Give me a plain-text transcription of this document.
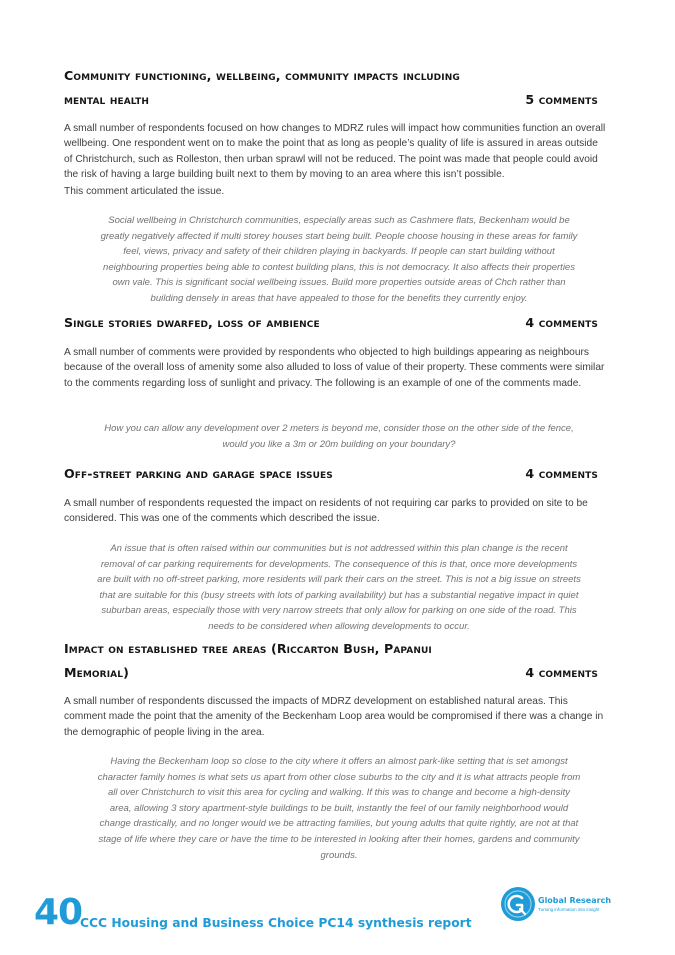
Community functioning, wellbeing, community impacts including
mental health	5 comments

A small number of respondents focused on how changes to MDRZ rules will impact how communities function an overall wellbeing. One respondent went on to make the point that as long as people’s quality of life is assured in areas outside of Christchurch, such as Rolleston, then urban sprawl will not be reduced. The point was made that people could avoid the risk of having a large building built next to them by moving to an area where this isn’t possible.

This comment articulated the issue.

Social wellbeing in Christchurch communities, especially areas such as Cashmere flats, Beckenham would be greatly negatively affected if multi storey houses start being built. People choose housing in these areas for family feel, views, privacy and safety of their children playing in backyards. If people can start building without neighbouring properties being able to contest building plans, this is not democracy. It also affects their properties own vale. This is significant social wellbeing issues. Build more properties outside areas of Chch rather than building densely in areas that have appealed to those for the benefits they currently enjoy.

Single stories dwarfed, loss of ambience	4 comments

A small number of comments were provided by respondents who objected to high buildings appearing as neighbours because of the overall loss of amenity some also alluded to loss of value of their property. These comments were similar to the comments regarding loss of sunlight and privacy. The following is an example of one of the comments made.

How you can allow any development over 2 meters is beyond me, consider those on the other side of the fence, would you like a 3m or 20m building on your boundary?

Off-street parking and garage space issues	4 comments

A small number of respondents requested the impact on residents of not requiring car parks to provided on site to be considered. This was one of the comments which described the issue.

An issue that is often raised within our communities but is not addressed within this plan change is the recent removal of car parking requirements for developments. The consequence of this is that, once more developments are built with no off-street parking, more residents will park their cars on the street. This is not a big issue on streets that are suitable for this (busy streets with lots of parking availability) but has a substantial negative impact in quiet suburban areas, especially those with very narrow streets that only allow for parking on one side of the road. This needs to be considered when allowing developments to occur.

Impact on established tree areas (Riccarton Bush, Papanui
Memorial)	4 comments

A small number of respondents discussed the impacts of MDRZ development on established natural areas. This comment made the point that the amenity of the Beckenham Loop area would be compromised if there was a change in the demographic of people living in the area.

Having the Beckenham loop so close to the city where it offers an almost park-like setting that is set amongst character family homes is what sets us apart from other close suburbs to the city and it is what attracts people from all over Christchurch to visit this area for cycling and walking. If this was to change and become a high-density area, allowing 3 story apartment-style buildings to be built, instantly the feel of our family neighborhood would change drastically, and no longer would we be attracting families, but young adults that quite rightly, are not at that stage of life where they care or have the time to be interested in looking after their homes, gardens and community grounds.

40
CCC Housing and Business Choice PC14 synthesis report
Global Research
Turning information into insight
